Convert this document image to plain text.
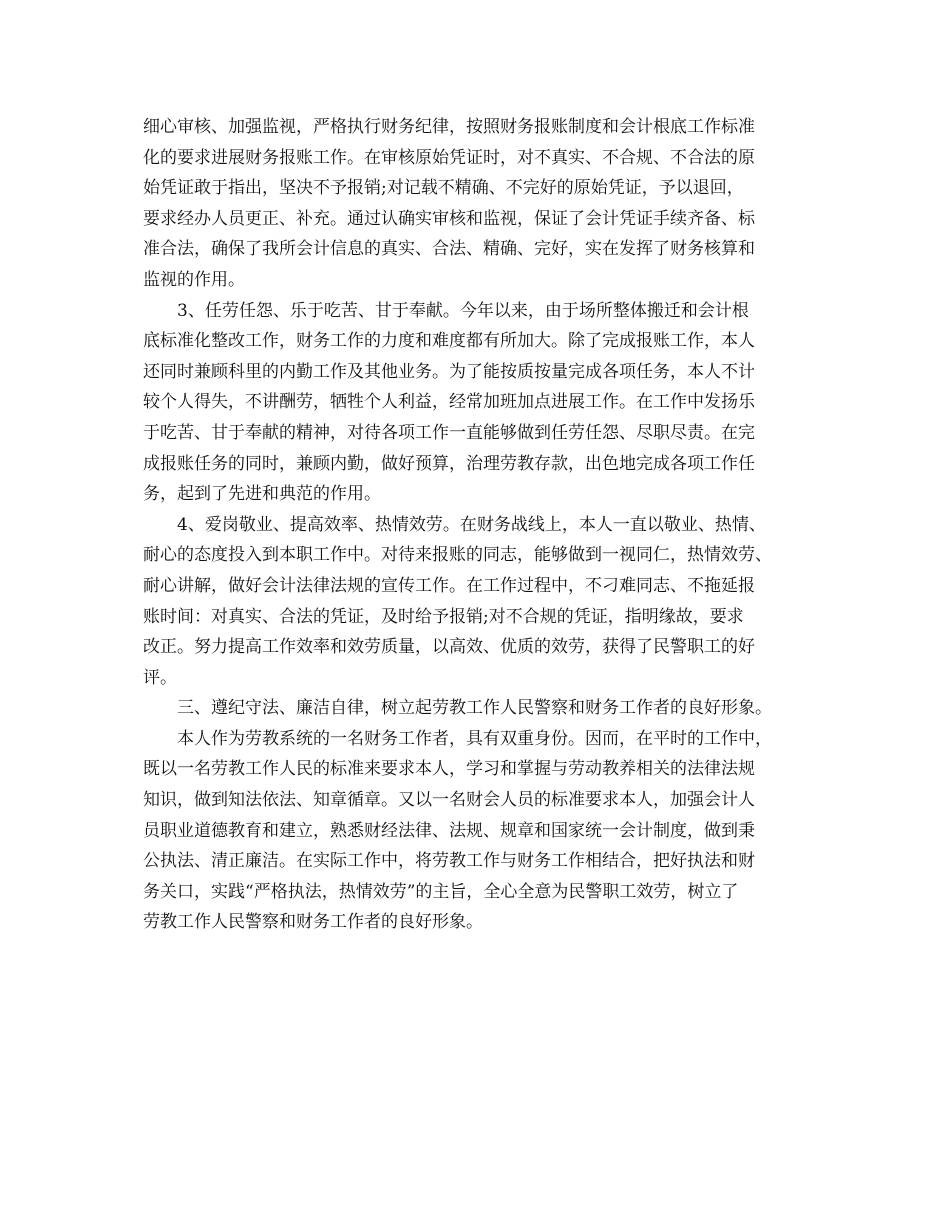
细心审核、加强监视，严格执行财务纪律，按照财务报账制度和会计根底工作标准
化的要求进展财务报账工作。在审核原始凭证时，对不真实、不合规、不合法的原
始凭证敢于指出，坚决不予报销;对记载不精确、不完好的原始凭证，予以退回，
要求经办人员更正、补充。通过认确实审核和监视，保证了会计凭证手续齐备、标
准合法，确保了我所会计信息的真实、合法、精确、完好，实在发挥了财务核算和
监视的作用。
3、任劳任怨、乐于吃苦、甘于奉献。今年以来，由于场所整体搬迁和会计根
底标准化整改工作，财务工作的力度和难度都有所加大。除了完成报账工作，本人
还同时兼顾科里的内勤工作及其他业务。为了能按质按量完成各项任务，本人不计
较个人得失，不讲酬劳，牺牲个人利益，经常加班加点进展工作。在工作中发扬乐
于吃苦、甘于奉献的精神，对待各项工作一直能够做到任劳任怨、尽职尽责。在完
成报账任务的同时，兼顾内勤，做好预算，治理劳教存款，出色地完成各项工作任
务，起到了先进和典范的作用。
4、爱岗敬业、提高效率、热情效劳。在财务战线上，本人一直以敬业、热情、
耐心的态度投入到本职工作中。对待来报账的同志，能够做到一视同仁，热情效劳、
耐心讲解，做好会计法律法规的宣传工作。在工作过程中，不刁难同志、不拖延报
账时间：对真实、合法的凭证，及时给予报销;对不合规的凭证，指明缘故，要求
改正。努力提高工作效率和效劳质量，以高效、优质的效劳，获得了民警职工的好
评。
三、遵纪守法、廉洁自律，树立起劳教工作人民警察和财务工作者的良好形象。
本人作为劳教系统的一名财务工作者，具有双重身份。因而，在平时的工作中，
既以一名劳教工作人民的标准来要求本人，学习和掌握与劳动教养相关的法律法规
知识，做到知法依法、知章循章。又以一名财会人员的标准要求本人，加强会计人
员职业道德教育和建立，熟悉财经法律、法规、规章和国家统一会计制度，做到秉
公执法、清正廉洁。在实际工作中，将劳教工作与财务工作相结合，把好执法和财
务关口，实践“严格执法，热情效劳”的主旨，全心全意为民警职工效劳，树立了
劳教工作人民警察和财务工作者的良好形象。
